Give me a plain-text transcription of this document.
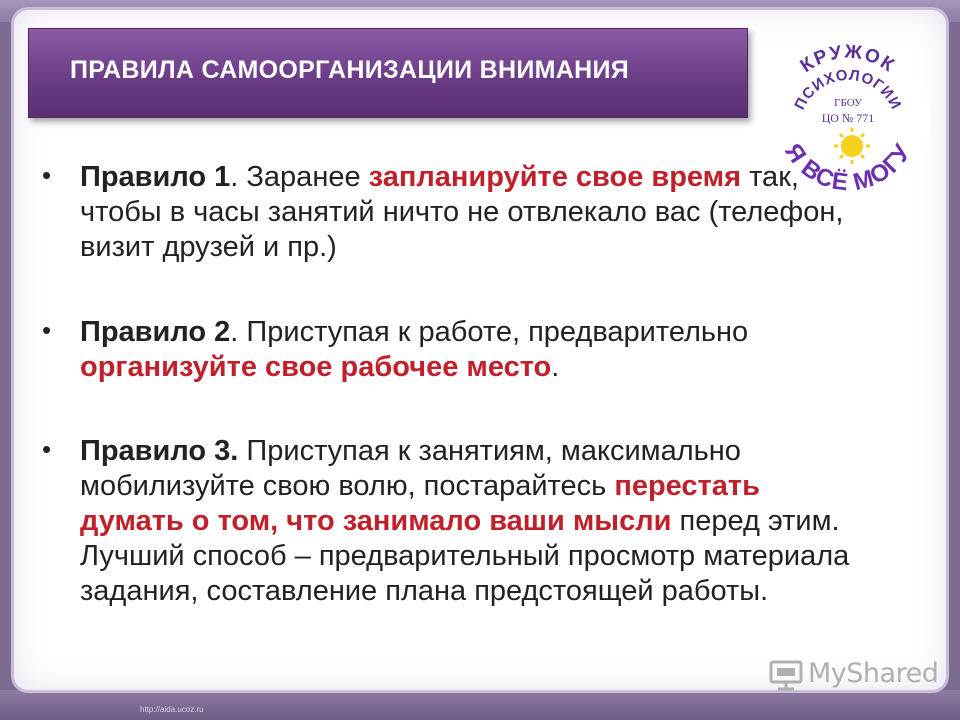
http://aida.ucoz.ru
ПРАВИЛА САМООРГАНИЗАЦИИ ВНИМАНИЯ	КРУЖОК
ПСИХОЛОГИИ
ГБОУ
ЦО № 771
Я ВСЁ МОГУ
• Правило 1. Заранее запланируйте свое время так, чтобы в часы занятий ничто не отвлекало вас (телефон, визит друзей и пр.)
• Правило 2. Приступая к работе, предварительно организуйте свое рабочее место.
• Правило 3. Приступая к занятиям, максимально мобилизуйте свою волю, постарайтесь перестать думать о том, что занимало ваши мысли перед этим. Лучший способ – предварительный просмотр материала задания, составление плана предстоящей работы.
MyShared
